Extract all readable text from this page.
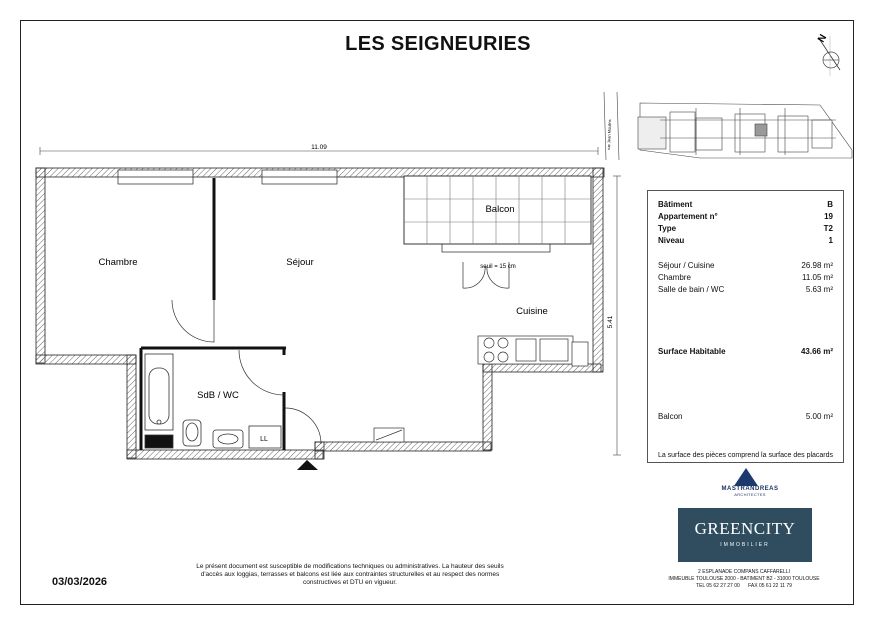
LES SEIGNEURIES
Chambre	Séjour
Balcon
Cuisine
SdB / WC
LL
seuil = 15 cm
11.09
5.41
N
rue Jean Moulins
Bâtiment	B
Appartement n°	19
Type	T2
Niveau	1
Séjour / Cuisine	26.98 m²
Chambre	11.05 m²
Salle de bain / WC	5.63 m²
Surface Habitable	43.66 m²
Balcon	5.00 m²
La surface des pièces comprend la surface des placards
03/03/2026
Le présent document est susceptible de modifications techniques ou administratives. La hauteur des seuils d'accès aux loggias, terrasses et balcons est liée aux contraintes structurelles et au respect des normes constructives et DTU en vigueur.
MASTRANDREAS
ARCHITECTES
GREENCITY
IMMOBILIER
2 ESPLANADE COMPANS CAFFARELLI
IMMEUBLE TOULOUSE 2000 - BATIMENT B2 - 31000 TOULOUSE
TEL 05 62 27 27 00 FAX 05 61 22 11 79
